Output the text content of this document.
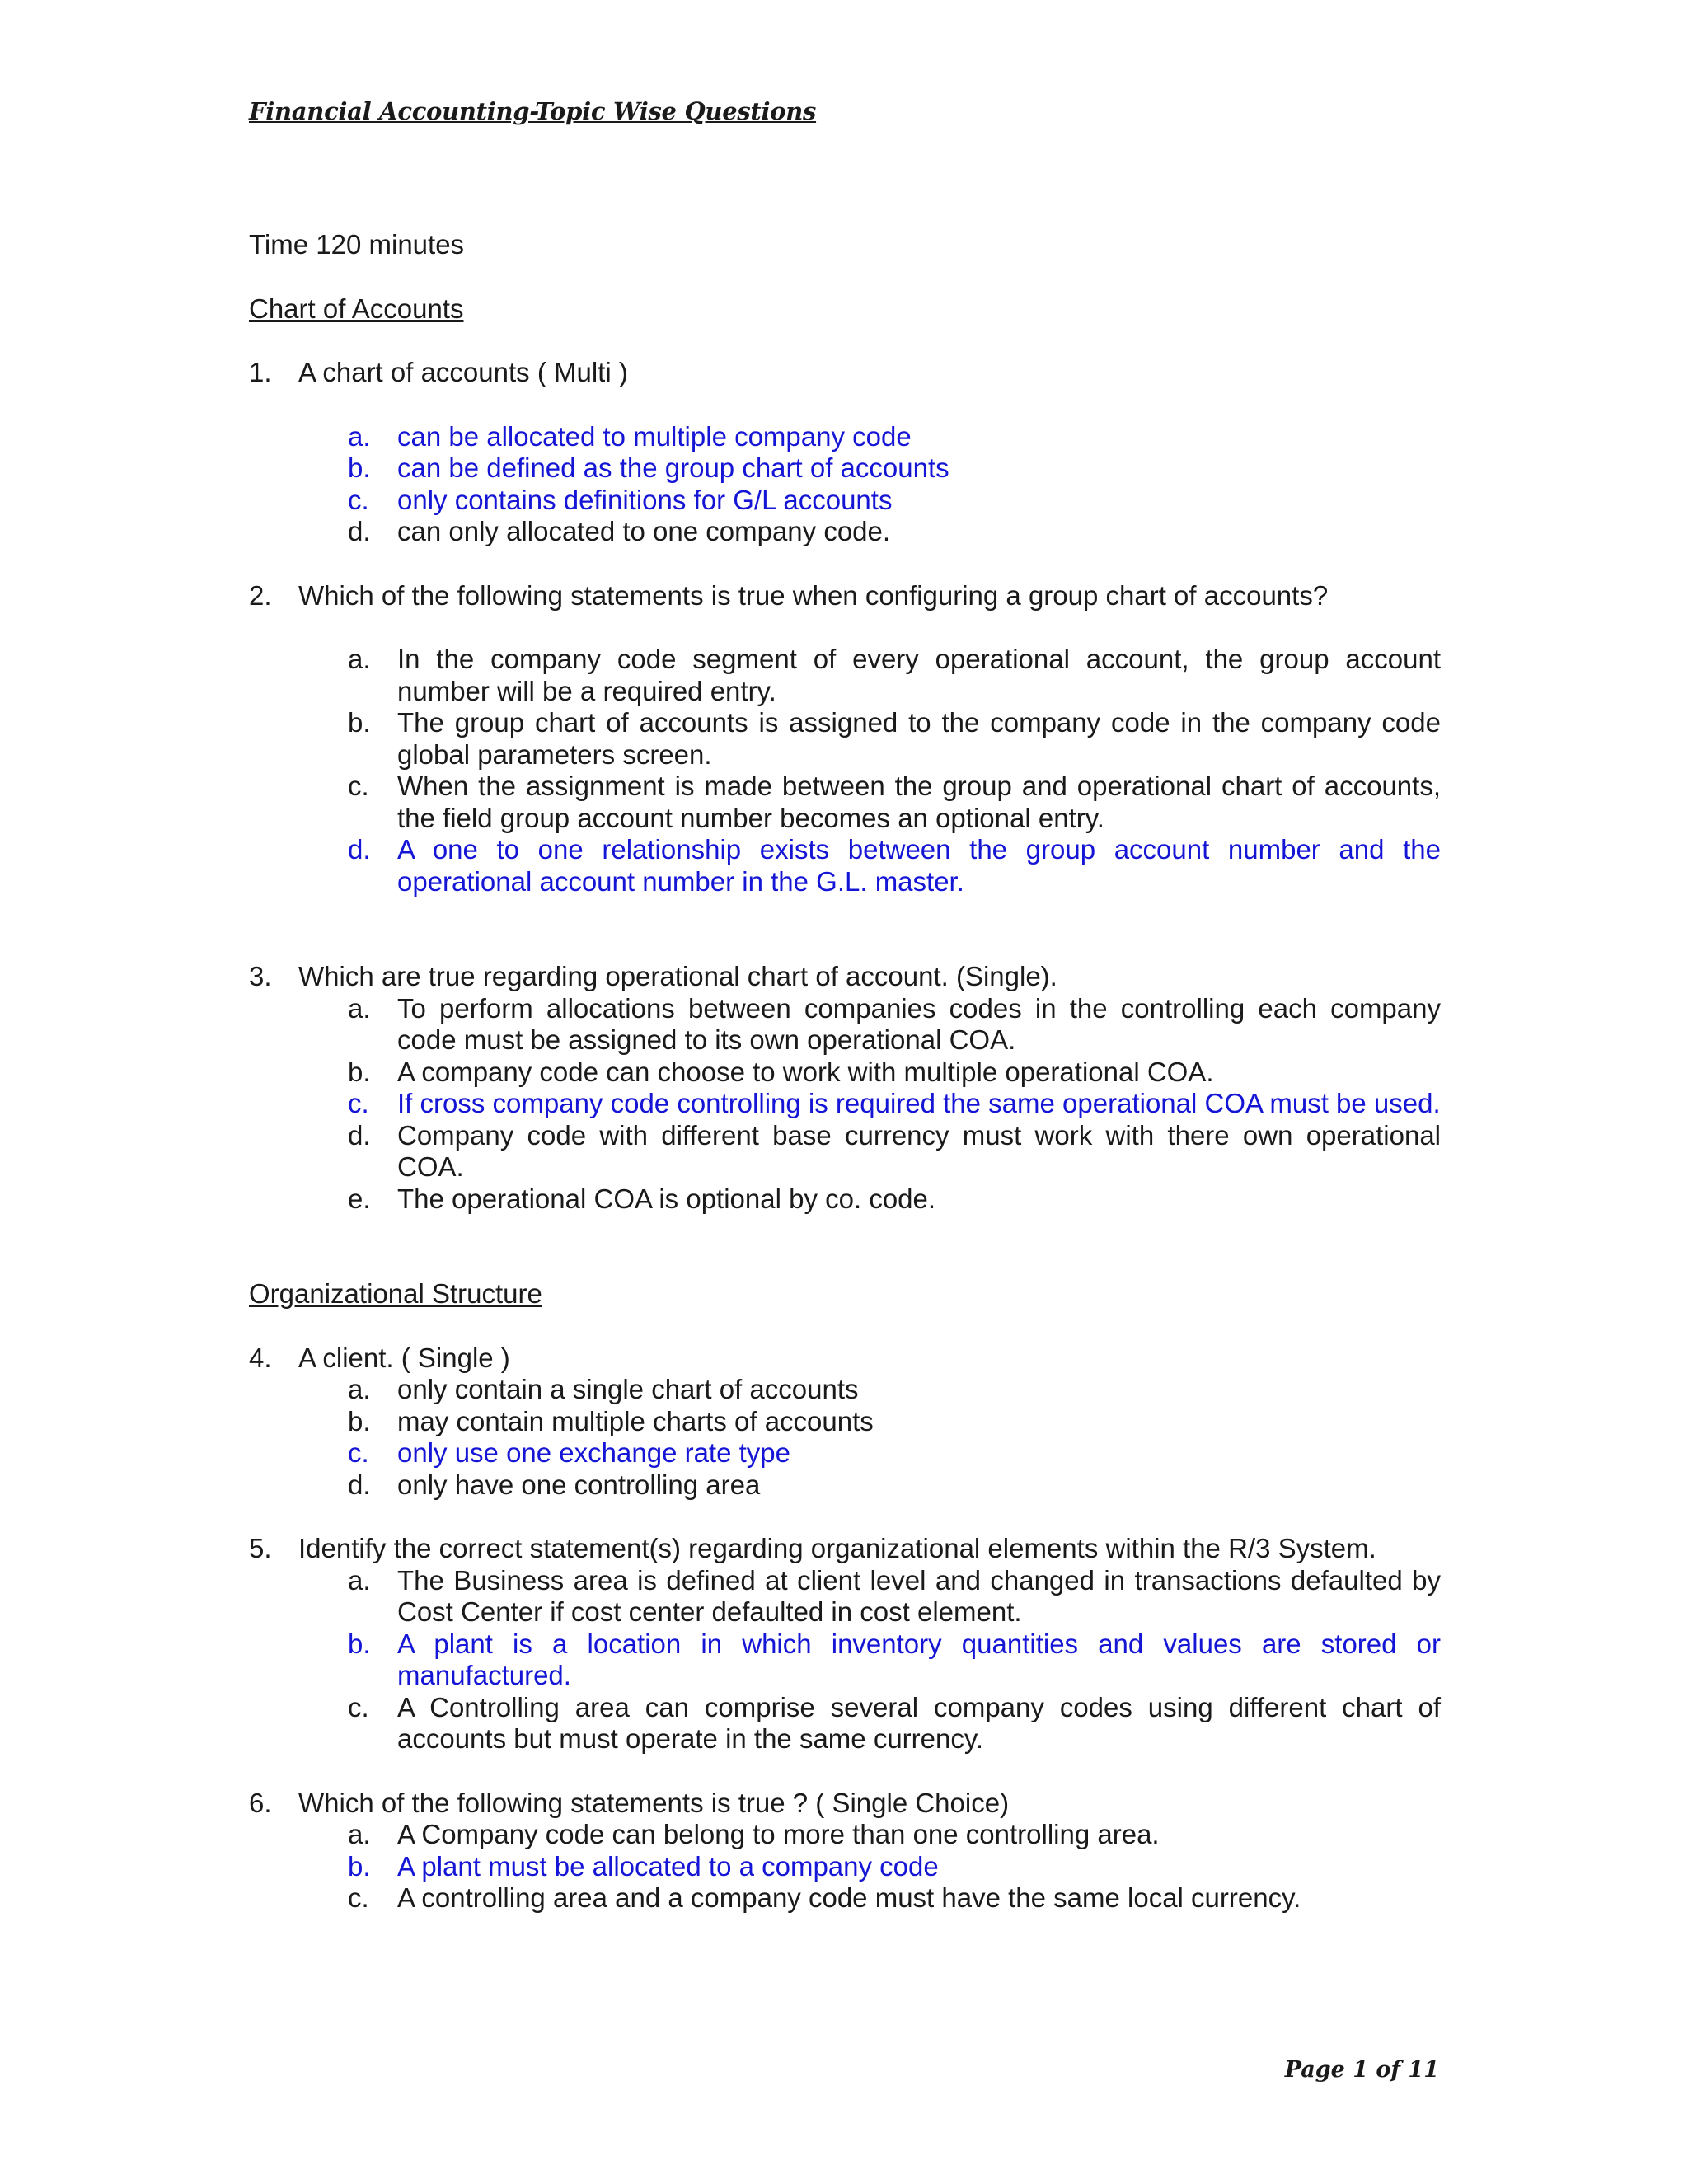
Financial Accounting-Topic Wise Questions

Time 120 minutes

Chart of Accounts

1. A chart of accounts ( Multi )
a. can be allocated to multiple company code
b. can be defined as the group chart of accounts
c.	only contains definitions for G/L accounts
d. can only allocated to one company code.
2. Which of the following statements is true when configuring a group chart of accounts?
a. In the company code segment of every operational account, the group account number will be a required entry.
b. The group chart of accounts is assigned to the company code in the company code global parameters screen.
c.	When the assignment is made between the group and operational chart of accounts, the field group account number becomes an optional entry.
d. A one to one relationship exists between the group account number and the operational account number in the G.L. master.
3. Which are true regarding operational chart of account. (Single).
a. To perform allocations between companies codes in the controlling each company code must be assigned to its own operational COA.
b. A company code can choose to work with multiple operational COA.
c.	If cross company code controlling is required the same operational COA must be used.
d. Company code with different base currency must work with there own operational COA.
e. The operational COA is optional by co. code.

Organizational Structure

4. A client. ( Single )
a. only contain a single chart of accounts
b. may contain multiple charts of accounts
c.	only use one exchange rate type
d. only have one controlling area
5. Identify the correct statement(s) regarding organizational elements within the R/3 System.
a. The Business area is defined at client level and changed in transactions defaulted by Cost Center if cost center defaulted in cost element.
b. A plant is a location in which inventory quantities and values are stored or manufactured.
c.	A Controlling area can comprise several company codes using different chart of accounts but must operate in the same currency.
6. Which of the following statements is true ? ( Single Choice)
a. A Company code can belong to more than one controlling area.
b. A plant must be allocated to a company code
c.	A controlling area and a company code must have the same local currency.
Page 1 of 11
